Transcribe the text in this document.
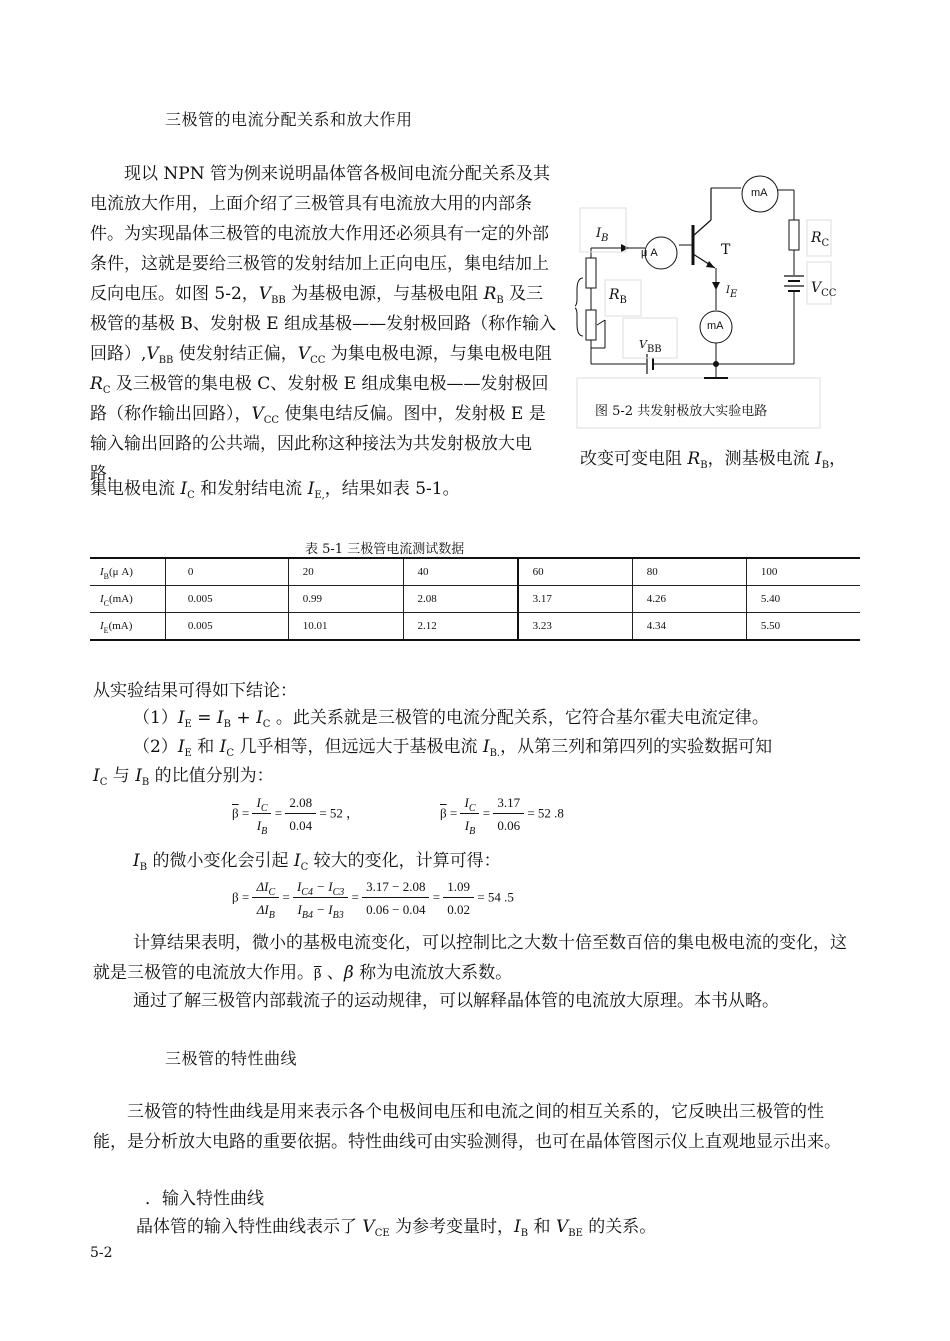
三极管的电流分配关系和放大作用

现以 NPN 管为例来说明晶体管各极间电流分配关系及其电流放大作用，上面介绍了三极管具有电流放大用的内部条件。为实现晶体三极管的电流放大作用还必须具有一定的外部条件，这就是要给三极管的发射结加上正向电压，集电结加上反向电压。如图 5-2，$V_{BB}$ 为基极电源，与基极电阻 $R_B$ 及三极管的基极 B、发射极 E 组成基极——发射极回路（称作输入回路）$,V_{BB}$ 使发射结正偏，$V_{CC}$ 为集电极电源，与集电极电阻 $R_C$ 及三极管的集电极 C、发射极 E 组成集电极——发射极回路（称作输出回路），$V_{CC}$ 使集电结反偏。图中，发射极 E 是输入输出回路的公共端，因此称这种接法为共发射极放大电路，

改变可变电阻 $R_B$，测基极电流 $I_B$，
集电极电流 $I_C$ 和发射结电流 $I_{E,}$，结果如表 5-1。
mA
mA
μ A	T
$I_B$
$I_E$
$R_B$
$R_C$
$V_{CC}$
$V_{BB}$
图 5-2 共发射极放大实验电路
表 5-1 三极管电流测试数据
$I_B(\mu$ A)	0	20	40	60	80	100
$I_C(mA)$	0.005	0.99	2.08	3.17	4.26	5.40
$I_E(mA)$	0.005	10.01	2.12	3.23	4.34	5.50
从实验结果可得如下结论：
$(1)I_E = I_B + I_C$ 。此关系就是三极管的电流分配关系，它符合基尔霍夫电流定律。
$(2)I_E$ 和 $I_C$ 几乎相等，但远远大于基极电流 $I_{B.}$，从第三列和第四列的实验数据可知
$I_C$ 与 $I_B$ 的比值分别为：
$\overline{\beta} = \frac{I_C}{I_B} = \frac{2.08}{0.04} = 52$ ，	$\overline{\beta} = \frac{I_C}{I_B} = \frac{3.17}{0.06} = 52$ .8
$I_B$ 的微小变化会引起 $I_C$ 较大的变化，计算可得：
$\beta = \frac{\Delta I_C}{\Delta I_B} = \frac{I_{C4} - I_{C3}}{I_{B4} - I_{B3}} = \frac{3.17 - 2.08}{0.06 - 0.04} = \frac{1.09}{0.02} = 54$ .5
计算结果表明，微小的基极电流变化，可以控制比之大数十倍至数百倍的集电极电流的变化，这就是三极管的电流放大作用。$\overline{\beta}$ 、β 称为电流放大系数。
通过了解三极管内部载流子的运动规律，可以解释晶体管的电流放大原理。本书从略。
三极管的特性曲线
三极管的特性曲线是用来表示各个电极间电压和电流之间的相互关系的，它反映出三极管的性能，是分析放大电路的重要依据。特性曲线可由实验测得，也可在晶体管图示仪上直观地显示出来。
．输入特性曲线
晶体管的输入特性曲线表示了 $V_{CE}$ 为参考变量时，$I_B$ 和 $V_{BE}$ 的关系。
5-2
